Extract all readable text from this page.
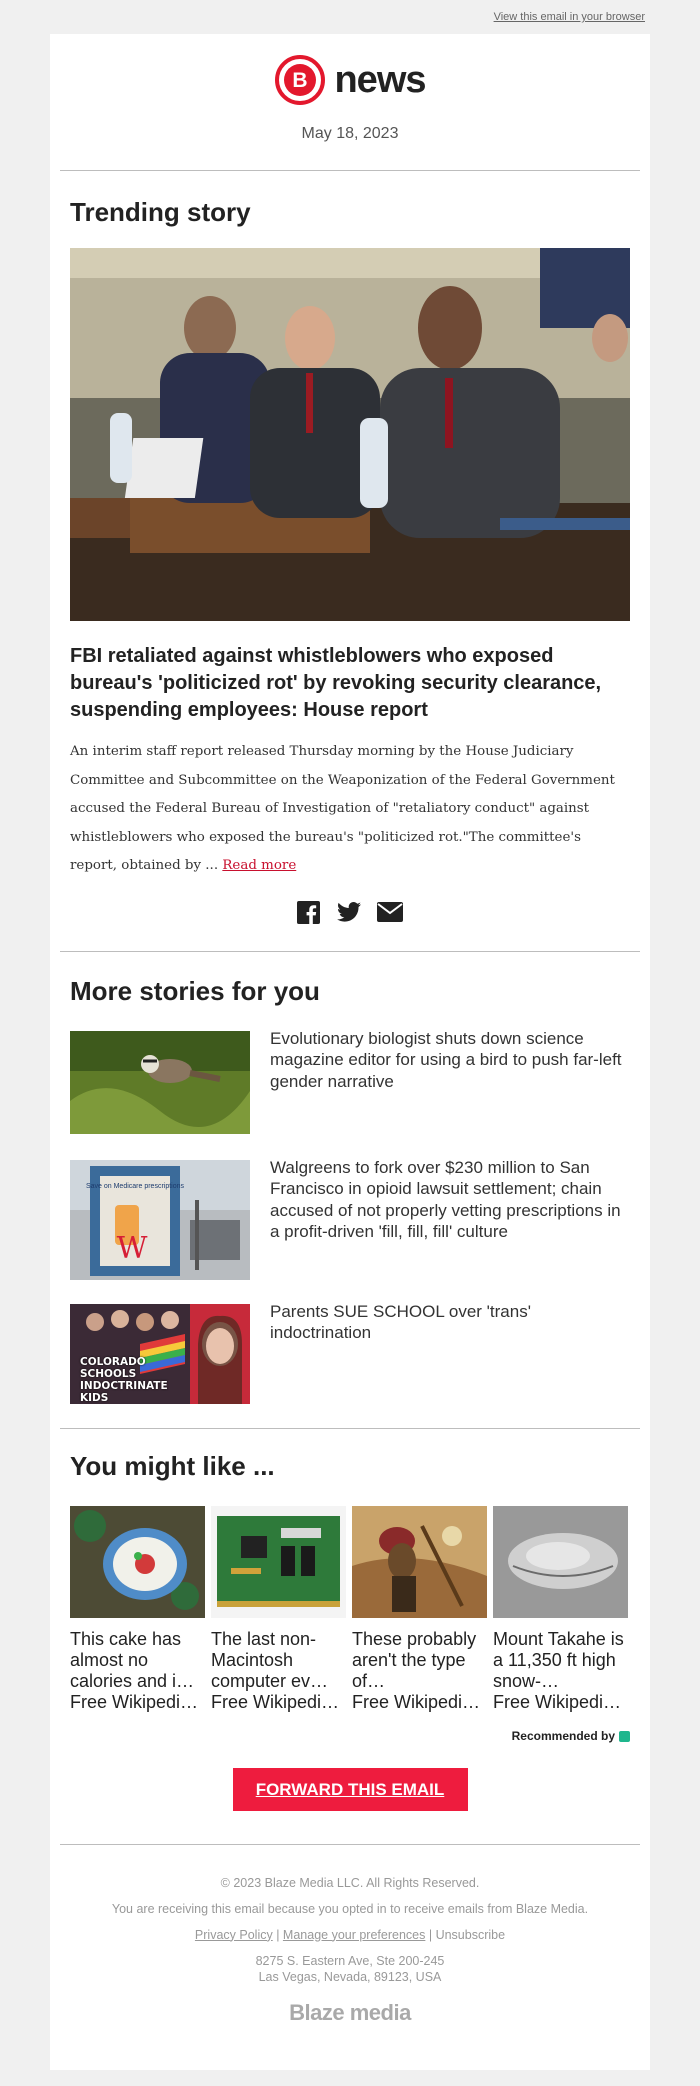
View this email in your browser
B news
May 18, 2023
Trending story
FBI retaliated against whistleblowers who exposed bureau's 'politicized rot' by revoking security clearance, suspending employees: House report
An interim staff report released Thursday morning by the House Judiciary Committee and Subcommittee on the Weaponization of the Federal Government accused the Federal Bureau of Investigation of "retaliatory conduct" against whistleblowers who exposed the bureau's "politicized rot."The committee's report, obtained by ... Read more

More stories for you
Evolutionary biologist shuts down science magazine editor for using a bird to push far-left gender narrative
Save on Medicare prescriptions
W
Walgreens to fork over $230 million to San Francisco in opioid lawsuit settlement; chain accused of not properly vetting prescriptions in a profit-driven 'fill, fill, fill' culture
COLORADO SCHOOLS INDOCTRINATE KIDS
Parents SUE SCHOOL over 'trans' indoctrination
You might like ...
This cake has almost no calories and i…
Free Wikipedi…
The last non-Macintosh computer ev…
Free Wikipedi…
These probably aren't the type of…
Free Wikipedi…
Mount Takahe is a 11,350 ft high snow-…
Free Wikipedi…
Recommended by
FORWARD THIS EMAIL
© 2023 Blaze Media LLC. All Rights Reserved.
You are receiving this email because you opted in to receive emails from Blaze Media.
Privacy Policy | Manage your preferences | Unsubscribe
8275 S. Eastern Ave, Ste 200-245
Las Vegas, Nevada, 89123, USA
Blaze media
